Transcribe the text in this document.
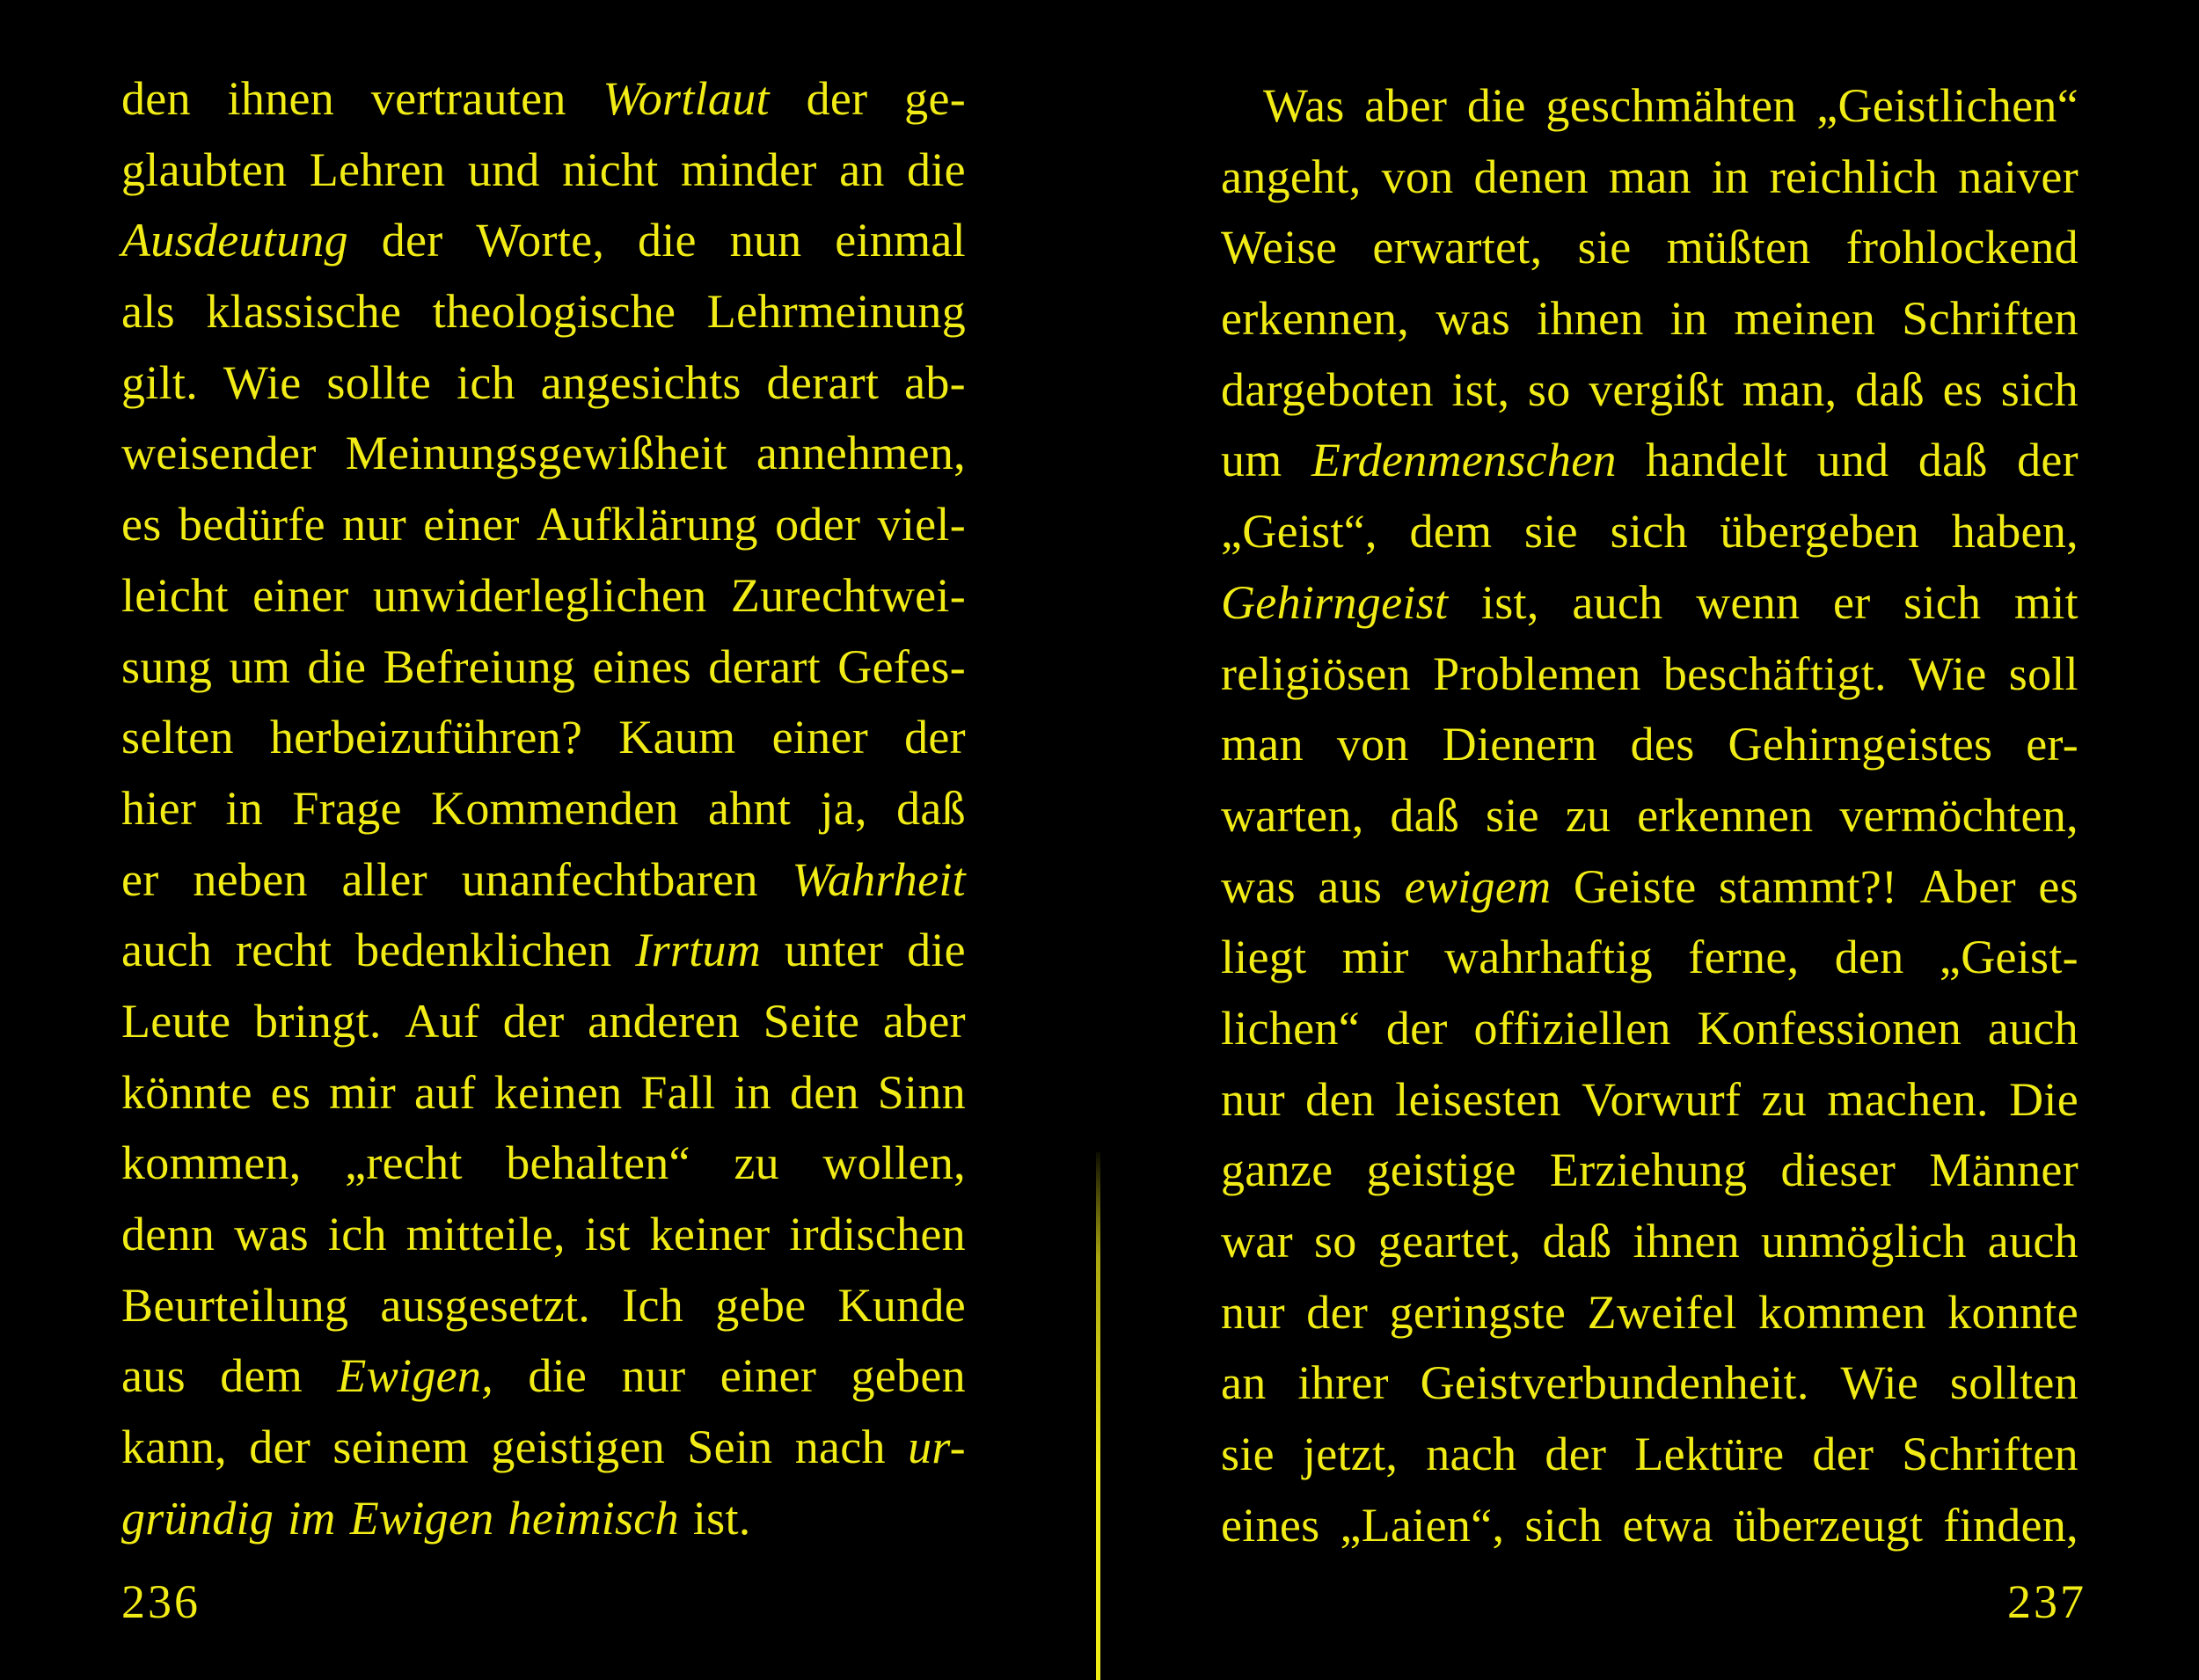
den ihnen vertrauten Wortlaut der ge-
glaubten Lehren und nicht minder an die
Ausdeutung der Worte, die nun einmal
als klassische theologische Lehrmeinung
gilt. Wie sollte ich angesichts derart ab-
weisender Meinungsgewißheit annehmen,
es bedürfe nur einer Aufklärung oder viel-
leicht einer unwiderleglichen Zurechtwei-
sung um die Befreiung eines derart Gefes-
selten herbeizuführen? Kaum einer der
hier in Frage Kommenden ahnt ja, daß
er neben aller unanfechtbaren Wahrheit
auch recht bedenklichen Irrtum unter die
Leute bringt. Auf der anderen Seite aber
könnte es mir auf keinen Fall in den Sinn
kommen, „recht behalten“ zu wollen,
denn was ich mitteile, ist keiner irdischen
Beurteilung ausgesetzt. Ich gebe Kunde
aus dem Ewigen, die nur einer geben
kann, der seinem geistigen Sein nach ur-
gründig im Ewigen heimisch ist.
236
Was aber die geschmähten „Geistlichen“
angeht, von denen man in reichlich naiver
Weise erwartet, sie müßten frohlockend
erkennen, was ihnen in meinen Schriften
dargeboten ist, so vergißt man, daß es sich
um Erdenmenschen handelt und daß der
„Geist“, dem sie sich übergeben haben,
Gehirngeist ist, auch wenn er sich mit
religiösen Problemen beschäftigt. Wie soll
man von Dienern des Gehirngeistes er-
warten, daß sie zu erkennen vermöchten,
was aus ewigem Geiste stammt?! Aber es
liegt mir wahrhaftig ferne, den „Geist-
lichen“ der offiziellen Konfessionen auch
nur den leisesten Vorwurf zu machen. Die
ganze geistige Erziehung dieser Männer
war so geartet, daß ihnen unmöglich auch
nur der geringste Zweifel kommen konnte
an ihrer Geistverbundenheit. Wie sollten
sie jetzt, nach der Lektüre der Schriften
eines „Laien“, sich etwa überzeugt finden,
237
